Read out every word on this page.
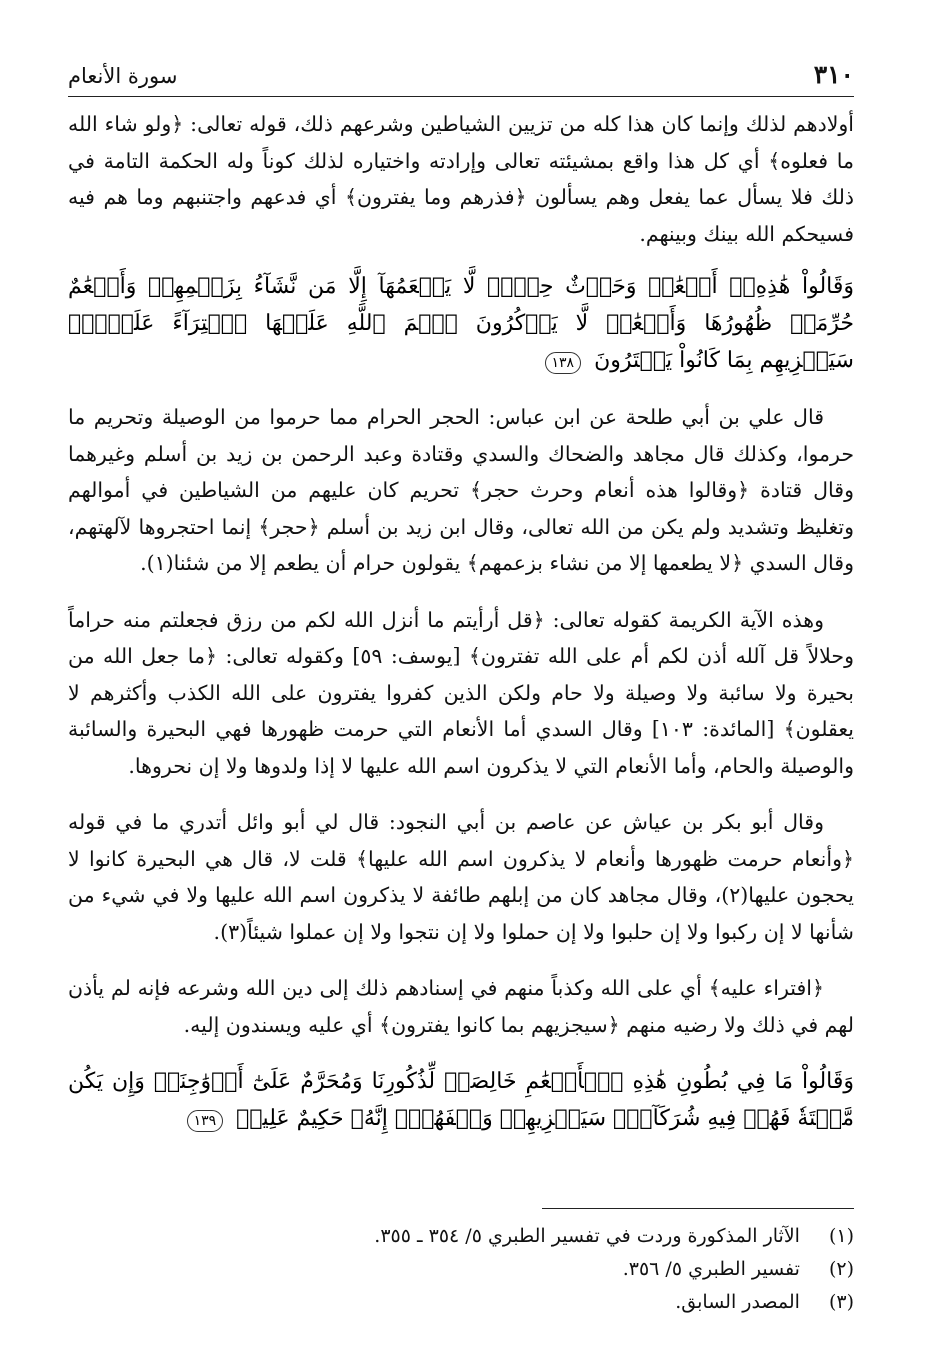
٣١٠
سورة الأنعام

أولادهم لذلك وإنما كان هذا كله من تزيين الشياطين وشرعهم ذلك، قوله تعالى: ﴿ولو شاء الله ما فعلوه﴾ أي كل هذا واقع بمشيئته تعالى وإرادته واختياره لذلك كوناً وله الحكمة التامة في ذلك فلا يسأل عما يفعل وهم يسألون ﴿فذرهم وما يفترون﴾ أي فدعهم واجتنبهم وما هم فيه فسيحكم الله بينك وبينهم.

وَقَالُواْ هَٰذِهِۦٓ أَنۡعَٰمٞ وَحَرۡثٌ حِجۡرٞ لَّا يَطۡعَمُهَآ إِلَّا مَن نَّشَآءُ بِزَعۡمِهِمۡ وَأَنۡعَٰمٌ حُرِّمَتۡ ظُهُورُهَا وَأَنۡعَٰمٞ لَّا يَذۡكُرُونَ ٱسۡمَ ٱللَّهِ عَلَيۡهَا ٱفۡتِرَآءً عَلَيۡهِۚ سَيَجۡزِيهِم بِمَا كَانُواْ يَفۡتَرُونَ ١٣٨

قال علي بن أبي طلحة عن ابن عباس: الحجر الحرام مما حرموا من الوصيلة وتحريم ما حرموا، وكذلك قال مجاهد والضحاك والسدي وقتادة وعبد الرحمن بن زيد بن أسلم وغيرهما وقال قتادة ﴿وقالوا هذه أنعام وحرث حجر﴾ تحريم كان عليهم من الشياطين في أموالهم وتغليظ وتشديد ولم يكن من الله تعالى، وقال ابن زيد بن أسلم ﴿حجر﴾ إنما احتجروها لآلهتهم، وقال السدي ﴿لا يطعمها إلا من نشاء بزعمهم﴾ يقولون حرام أن يطعم إلا من شئنا(١).

وهذه الآية الكريمة كقوله تعالى: ﴿قل أرأيتم ما أنزل الله لكم من رزق فجعلتم منه حراماً وحلالاً قل آلله أذن لكم أم على الله تفترون﴾ [يوسف: ٥٩] وكقوله تعالى: ﴿ما جعل الله من بحيرة ولا سائبة ولا وصيلة ولا حام ولكن الذين كفروا يفترون على الله الكذب وأكثرهم لا يعقلون﴾ [المائدة: ١٠٣] وقال السدي أما الأنعام التي حرمت ظهورها فهي البحيرة والسائبة والوصيلة والحام، وأما الأنعام التي لا يذكرون اسم الله عليها لا إذا ولدوها ولا إن نحروها.

وقال أبو بكر بن عياش عن عاصم بن أبي النجود: قال لي أبو وائل أتدري ما في قوله ﴿وأنعام حرمت ظهورها وأنعام لا يذكرون اسم الله عليها﴾ قلت لا، قال هي البحيرة كانوا لا يحجون عليها(٢)، وقال مجاهد كان من إبلهم طائفة لا يذكرون اسم الله عليها ولا في شيء من شأنها لا إن ركبوا ولا إن حلبوا ولا إن حملوا ولا إن نتجوا ولا إن عملوا شيئاً(٣).

﴿افتراء عليه﴾ أي على الله وكذباً منهم في إسنادهم ذلك إلى دين الله وشرعه فإنه لم يأذن لهم في ذلك ولا رضيه منهم ﴿سيجزيهم بما كانوا يفترون﴾ أي عليه ويسندون إليه.

وَقَالُواْ مَا فِي بُطُونِ هَٰذِهِ ٱلۡأَنۡعَٰمِ خَالِصَةٞ لِّذُكُورِنَا وَمُحَرَّمٌ عَلَىٰٓ أَزۡوَٰجِنَاۖ وَإِن يَكُن مَّيۡتَةٗ فَهُمۡ فِيهِ شُرَكَآءُۚ سَيَجۡزِيهِمۡ وَصۡفَهُمۡۚ إِنَّهُۥ حَكِيمٌ عَلِيمٞ ١٣٩

(١) الآثار المذكورة وردت في تفسير الطبري ٥/ ٣٥٤ ـ ٣٥٥.
(٢) تفسير الطبري ٥/ ٣٥٦.
(٣) المصدر السابق.
